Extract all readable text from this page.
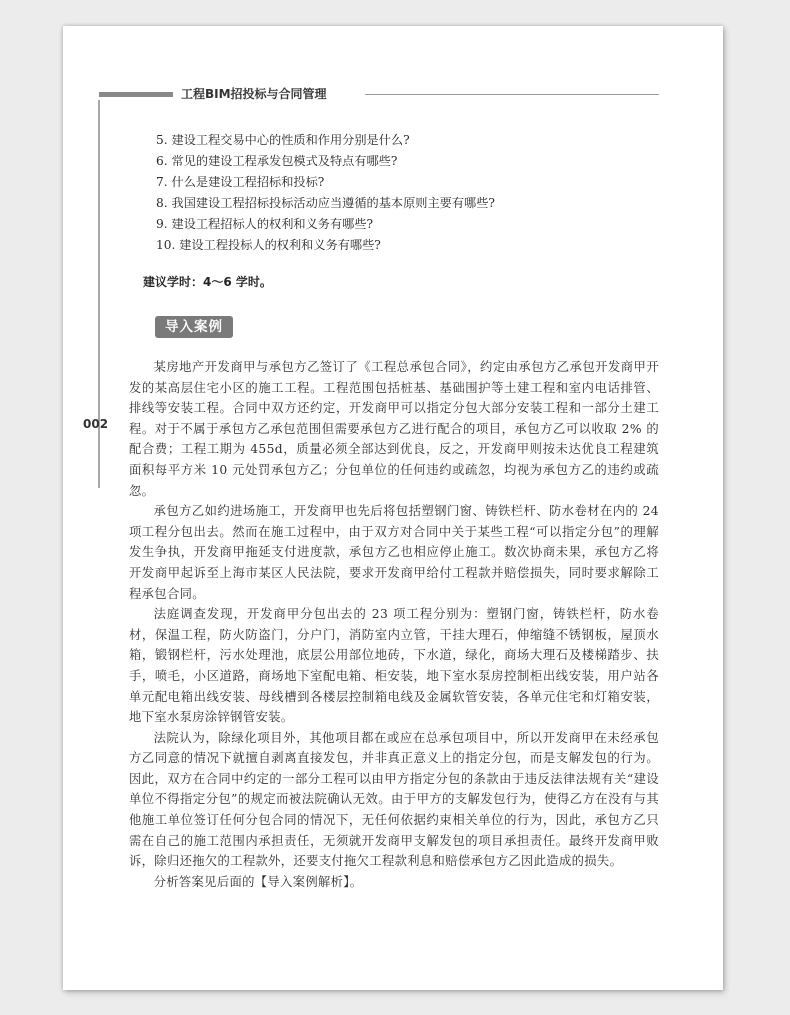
工程BIM招投标与合同管理
002
5. 建设工程交易中心的性质和作用分别是什么?
6. 常见的建设工程承发包模式及特点有哪些?
7. 什么是建设工程招标和投标?
8. 我国建设工程招标投标活动应当遵循的基本原则主要有哪些?
9. 建设工程招标人的权利和义务有哪些?
10. 建设工程投标人的权利和义务有哪些?
建议学时：4～6 学时。
导入案例

某房地产开发商甲与承包方乙签订了《工程总承包合同》，约定由承包方乙承包开发商甲开发的某高层住宅小区的施工工程。工程范围包括桩基、基础围护等土建工程和室内电话排管、排线等安装工程。合同中双方还约定，开发商甲可以指定分包大部分安装工程和一部分土建工程。对于不属于承包方乙承包范围但需要承包方乙进行配合的项目，承包方乙可以收取 2% 的配合费；工程工期为 455d，质量必须全部达到优良，反之，开发商甲则按未达优良工程建筑面积每平方米 10 元处罚承包方乙；分包单位的任何违约或疏忽，均视为承包方乙的违约或疏忽。

承包方乙如约进场施工，开发商甲也先后将包括塑钢门窗、铸铁栏杆、防水卷材在内的 24 项工程分包出去。然而在施工过程中，由于双方对合同中关于某些工程“可以指定分包”的理解发生争执，开发商甲拖延支付进度款，承包方乙也相应停止施工。数次协商未果，承包方乙将开发商甲起诉至上海市某区人民法院，要求开发商甲给付工程款并赔偿损失，同时要求解除工程承包合同。

法庭调查发现，开发商甲分包出去的 23 项工程分别为：塑钢门窗，铸铁栏杆，防水卷材，保温工程，防火防盗门，分户门，消防室内立管，干挂大理石，伸缩缝不锈钢板，屋顶水箱，锻钢栏杆，污水处理池，底层公用部位地砖，下水道，绿化，商场大理石及楼梯踏步、扶手，喷毛，小区道路，商场地下室配电箱、柜安装，地下室水泵房控制柜出线安装，用户站各单元配电箱出线安装、母线槽到各楼层控制箱电线及金属软管安装，各单元住宅和灯箱安装，地下室水泵房涂锌钢管安装。

法院认为，除绿化项目外，其他项目都在或应在总承包项目中，所以开发商甲在未经承包方乙同意的情况下就擅自剥离直接发包，并非真正意义上的指定分包，而是支解发包的行为。因此，双方在合同中约定的一部分工程可以由甲方指定分包的条款由于违反法律法规有关“建设单位不得指定分包”的规定而被法院确认无效。由于甲方的支解发包行为，使得乙方在没有与其他施工单位签订任何分包合同的情况下，无任何依据约束相关单位的行为，因此，承包方乙只需在自己的施工范围内承担责任，无须就开发商甲支解发包的项目承担责任。最终开发商甲败诉，除归还拖欠的工程款外，还要支付拖欠工程款利息和赔偿承包方乙因此造成的损失。

分析答案见后面的【导入案例解析】。
